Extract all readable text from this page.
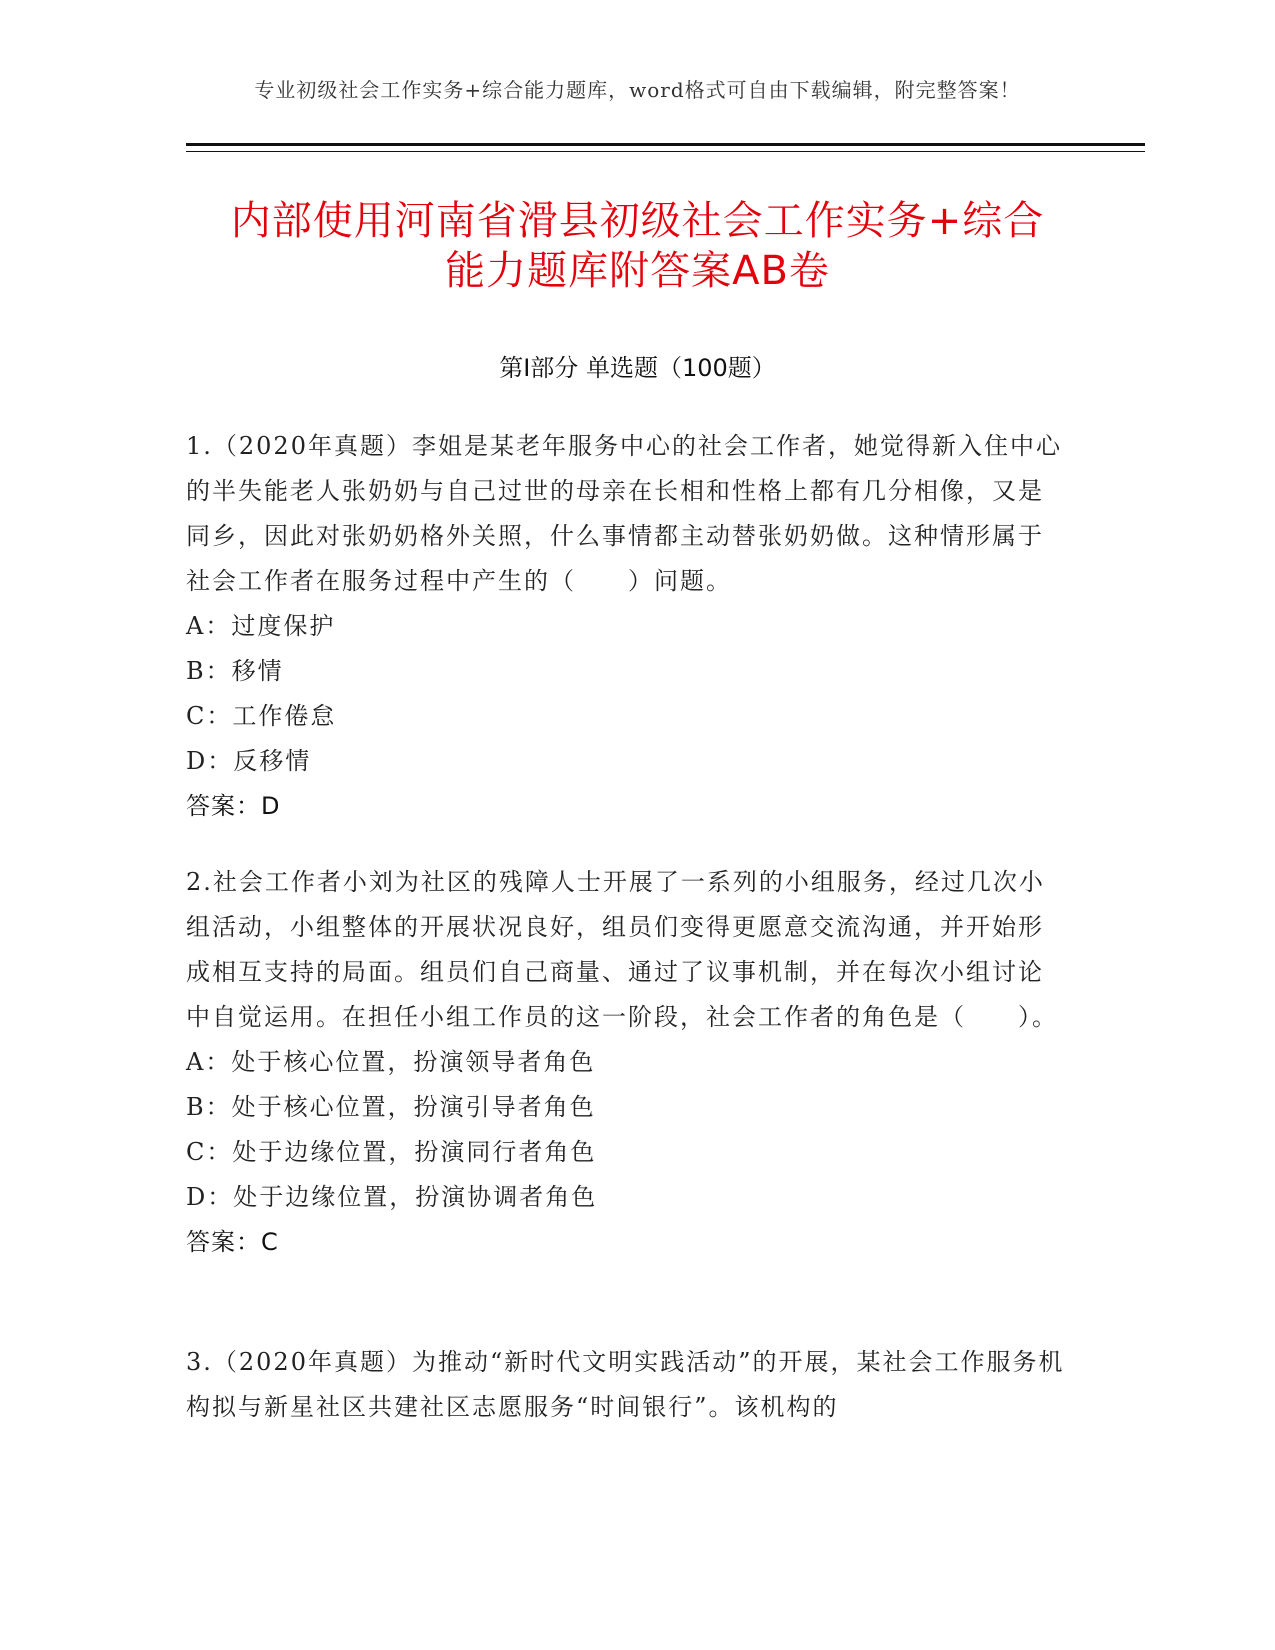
专业初级社会工作实务+综合能力题库，word格式可自由下载编辑，附完整答案！
内部使用河南省滑县初级社会工作实务+综合
能力题库附答案AB卷
第Ⅰ部分 单选题（100题）

1.（2020年真题）李姐是某老年服务中心的社会工作者，她觉得新入住中心的半失能老人张奶奶与自己过世的母亲在长相和性格上都有几分相像，又是同乡，因此对张奶奶格外关照，什么事情都主动替张奶奶做。这种情形属于社会工作者在服务过程中产生的（　　）问题。

A：过度保护

B：移情

C：工作倦怠

D：反移情

答案：D

2.社会工作者小刘为社区的残障人士开展了一系列的小组服务，经过几次小组活动，小组整体的开展状况良好，组员们变得更愿意交流沟通，并开始形成相互支持的局面。组员们自己商量、通过了议事机制，并在每次小组讨论中自觉运用。在担任小组工作员的这一阶段，社会工作者的角色是（　　）。

A：处于核心位置，扮演领导者角色

B：处于核心位置，扮演引导者角色

C：处于边缘位置，扮演同行者角色

D：处于边缘位置，扮演协调者角色

答案：C

3.（2020年真题）为推动“新时代文明实践活动”的开展，某社会工作服务机构拟与新星社区共建社区志愿服务“时间银行”。该机构的
